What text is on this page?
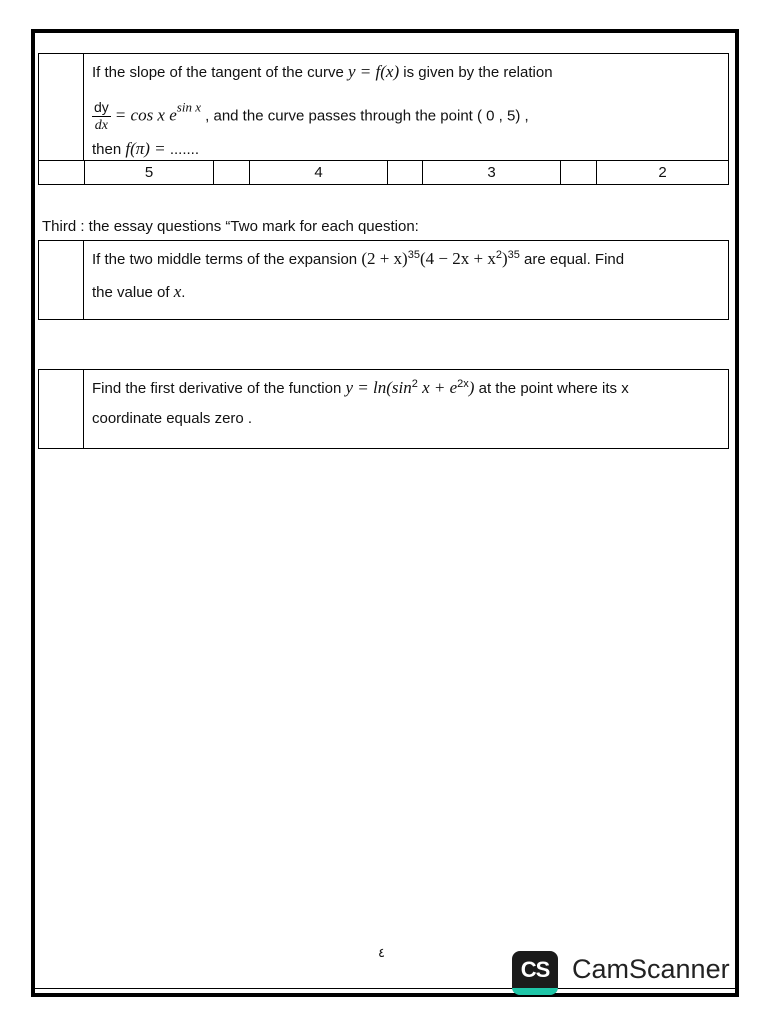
If the slope of the tangent of the curve y = f(x) is given by the relation
$\frac{dy}{dx} = \cos x$ $e^{sin x}$ , and the curve passes through the point ( 0 , 5) ,
then f(π) = .......
5	4	3	2
Third : the essay questions “Two mark for each question:
If the two middle terms of the expansion $(2 + x)^{35}(4 - 2x + x^2)^{35}$ are equal. Find
the value of x.
Find the first derivative of the function $y = \ln(\sin^2$ $x + e^{2x}$) at the point where its x
coordinate equals zero .
٤
CS CamScanner
